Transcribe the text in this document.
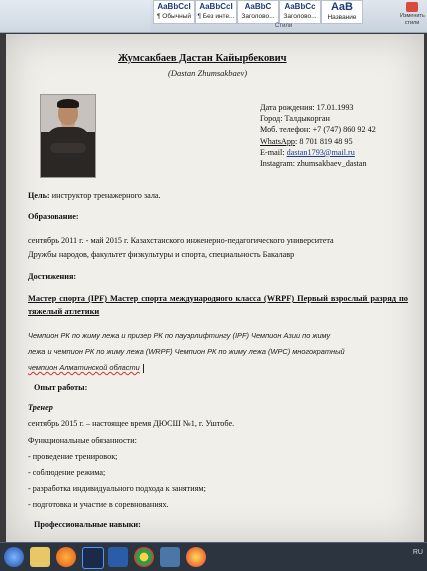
AaBbCcI
¶ Обычный
AaBbCcI
¶ Без инте...
AaBbC
Заголово...
AaBbCc
Заголово...
AaB
Название
Стили
Изменить стили
Жумсакбаев Дастан Кайырбекович
(Dastan Zhumsakbaev)
Дата рождения: 17.01.1993
Город: Талдыкорган
Моб. телефон: +7 (747) 860 92 42
WhatsApp: 8 701 819 48 95
E-mail: dastan1793@mail.ru
Instagram: zhumsakbaev_dastan
Цель: инструктор тренажерного зала.
Образование:
сентябрь 2011 г. - май 2015 г. Казахстанского инженерно-педагогического университета
Дружбы народов, факультет физкультуры и спорта, специальность Бакалавр
Достижения:
Мастер спорта (IPF) Мастер спорта международного класса (WRPF) Первый взрослый разряд по тяжелый атлетики
Чемпион РК по жиму лежа и призер РК по пауэрлифтингу (IPF) Чемпион Азии по жиму
лежа и чемпион РК по жиму лежа (WRPF) Чемпион РК по жиму лежа (WPC) многократный
чемпион Алматинской области
Опыт работы:
Тренер
сентябрь 2015 г. – настоящее время ДЮСШ №1, г. Уштобе.
Функциональные обязанности:
- проведение тренировок;
- соблюдение режима;
- разработка индивидуального подхода к занятиям;
- подготовка и участие в соревнованиях.
Профессиональные навыки:
RU
